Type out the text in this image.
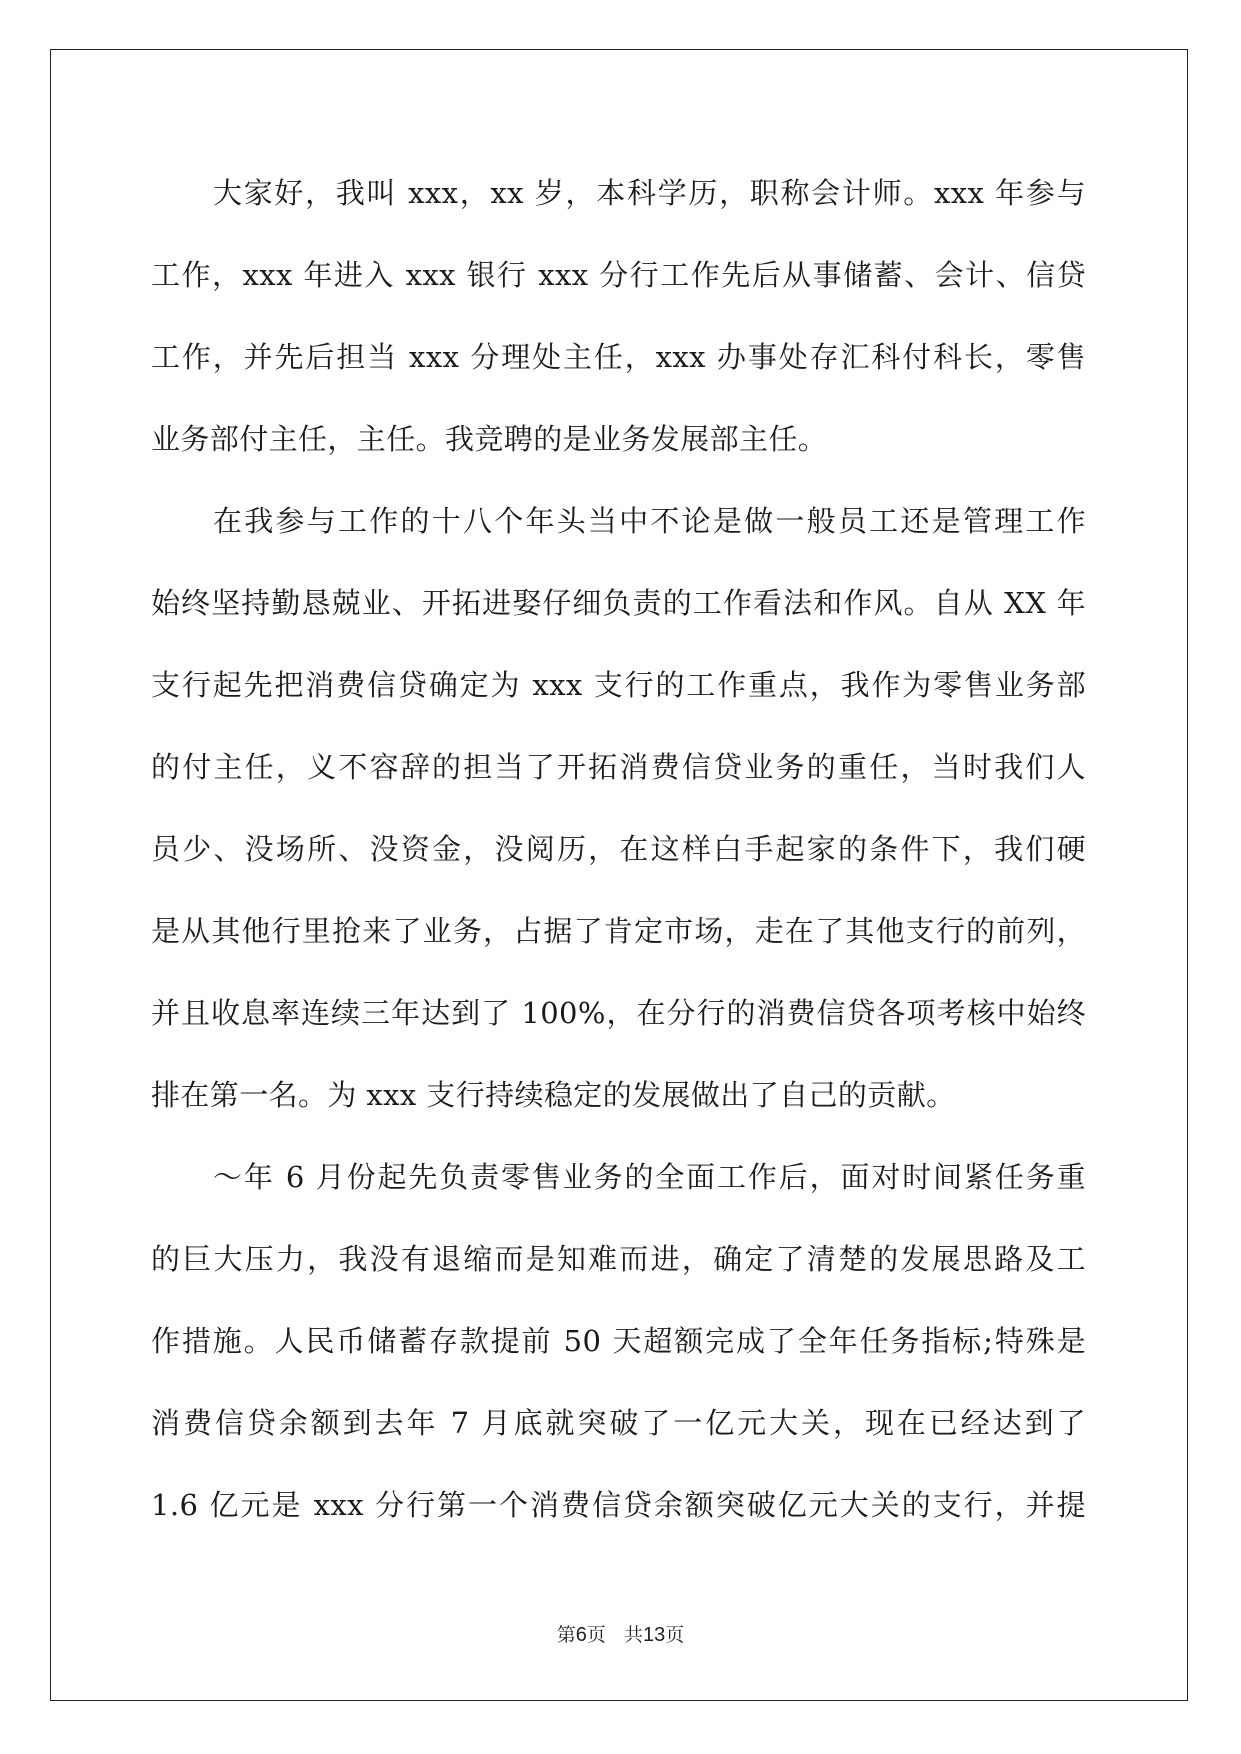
大家好，我叫 xxx，xx 岁，本科学历，职称会计师。xxx 年参与
工作，xxx 年进入 xxx 银行 xxx 分行工作先后从事储蓄、会计、信贷
工作，并先后担当 xxx 分理处主任，xxx 办事处存汇科付科长，零售
业务部付主任，主任。我竞聘的是业务发展部主任。
在我参与工作的十八个年头当中不论是做一般员工还是管理工作
始终坚持勤恳兢业、开拓进娶仔细负责的工作看法和作风。自从 XX 年
支行起先把消费信贷确定为 xxx 支行的工作重点，我作为零售业务部
的付主任，义不容辞的担当了开拓消费信贷业务的重任，当时我们人
员少、没场所、没资金，没阅历，在这样白手起家的条件下，我们硬
是从其他行里抢来了业务，占据了肯定市场，走在了其他支行的前列，
并且收息率连续三年达到了 100%，在分行的消费信贷各项考核中始终
排在第一名。为 xxx 支行持续稳定的发展做出了自己的贡献。
～年 6 月份起先负责零售业务的全面工作后，面对时间紧任务重
的巨大压力，我没有退缩而是知难而进，确定了清楚的发展思路及工
作措施。人民币储蓄存款提前 50 天超额完成了全年任务指标;特殊是
消费信贷余额到去年 7 月底就突破了一亿元大关，现在已经达到了
1.6 亿元是 xxx 分行第一个消费信贷余额突破亿元大关的支行，并提
第6页 共13页
